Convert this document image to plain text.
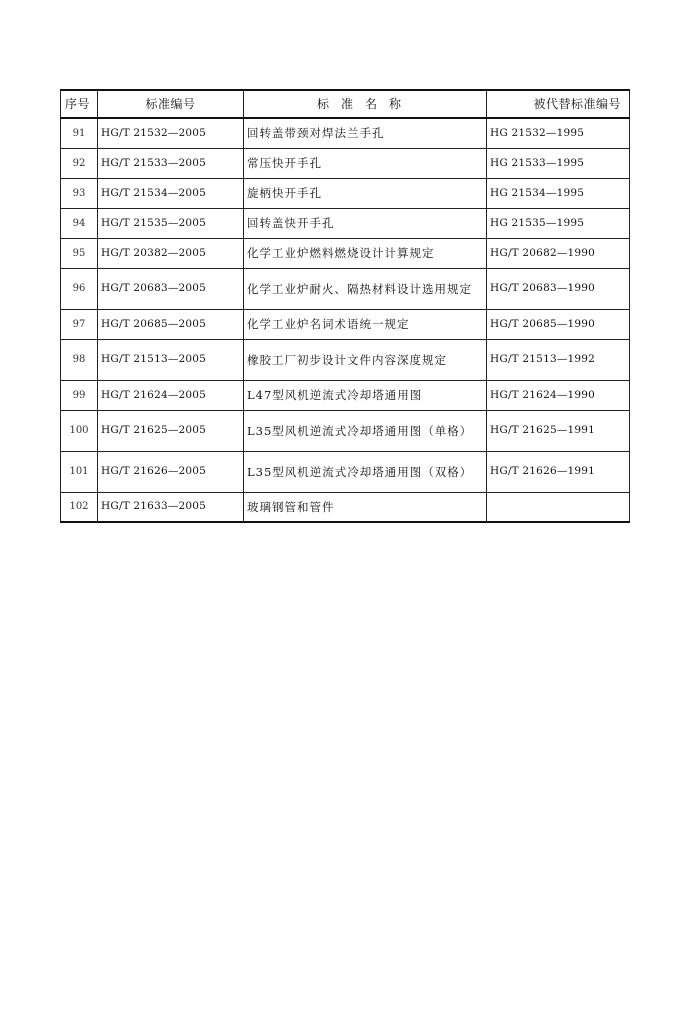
序号	标准编号	标准名称	被代替标准编号
91	HG/T 21532—2005	回转盖带颈对焊法兰手孔	HG 21532—1995
92	HG/T 21533—2005	常压快开手孔	HG 21533—1995
93	HG/T 21534—2005	旋柄快开手孔	HG 21534—1995
94	HG/T 21535—2005	回转盖快开手孔	HG 21535—1995
95	HG/T 20382—2005	化学工业炉燃料燃烧设计计算规定	HG/T 20682—1990
96	HG/T 20683—2005	化学工业炉耐火、隔热材料设计选用规定	HG/T 20683—1990
97	HG/T 20685—2005	化学工业炉名词术语统一规定	HG/T 20685—1990
98	HG/T 21513—2005	橡胶工厂初步设计文件内容深度规定	HG/T 21513—1992
99	HG/T 21624—2005	L47型风机逆流式冷却塔通用图	HG/T 21624—1990
100	HG/T 21625—2005	L35型风机逆流式冷却塔通用图（单格）	HG/T 21625—1991
101	HG/T 21626—2005	L35型风机逆流式冷却塔通用图（双格）	HG/T 21626—1991
102	HG/T 21633—2005	玻璃钢管和管件	
